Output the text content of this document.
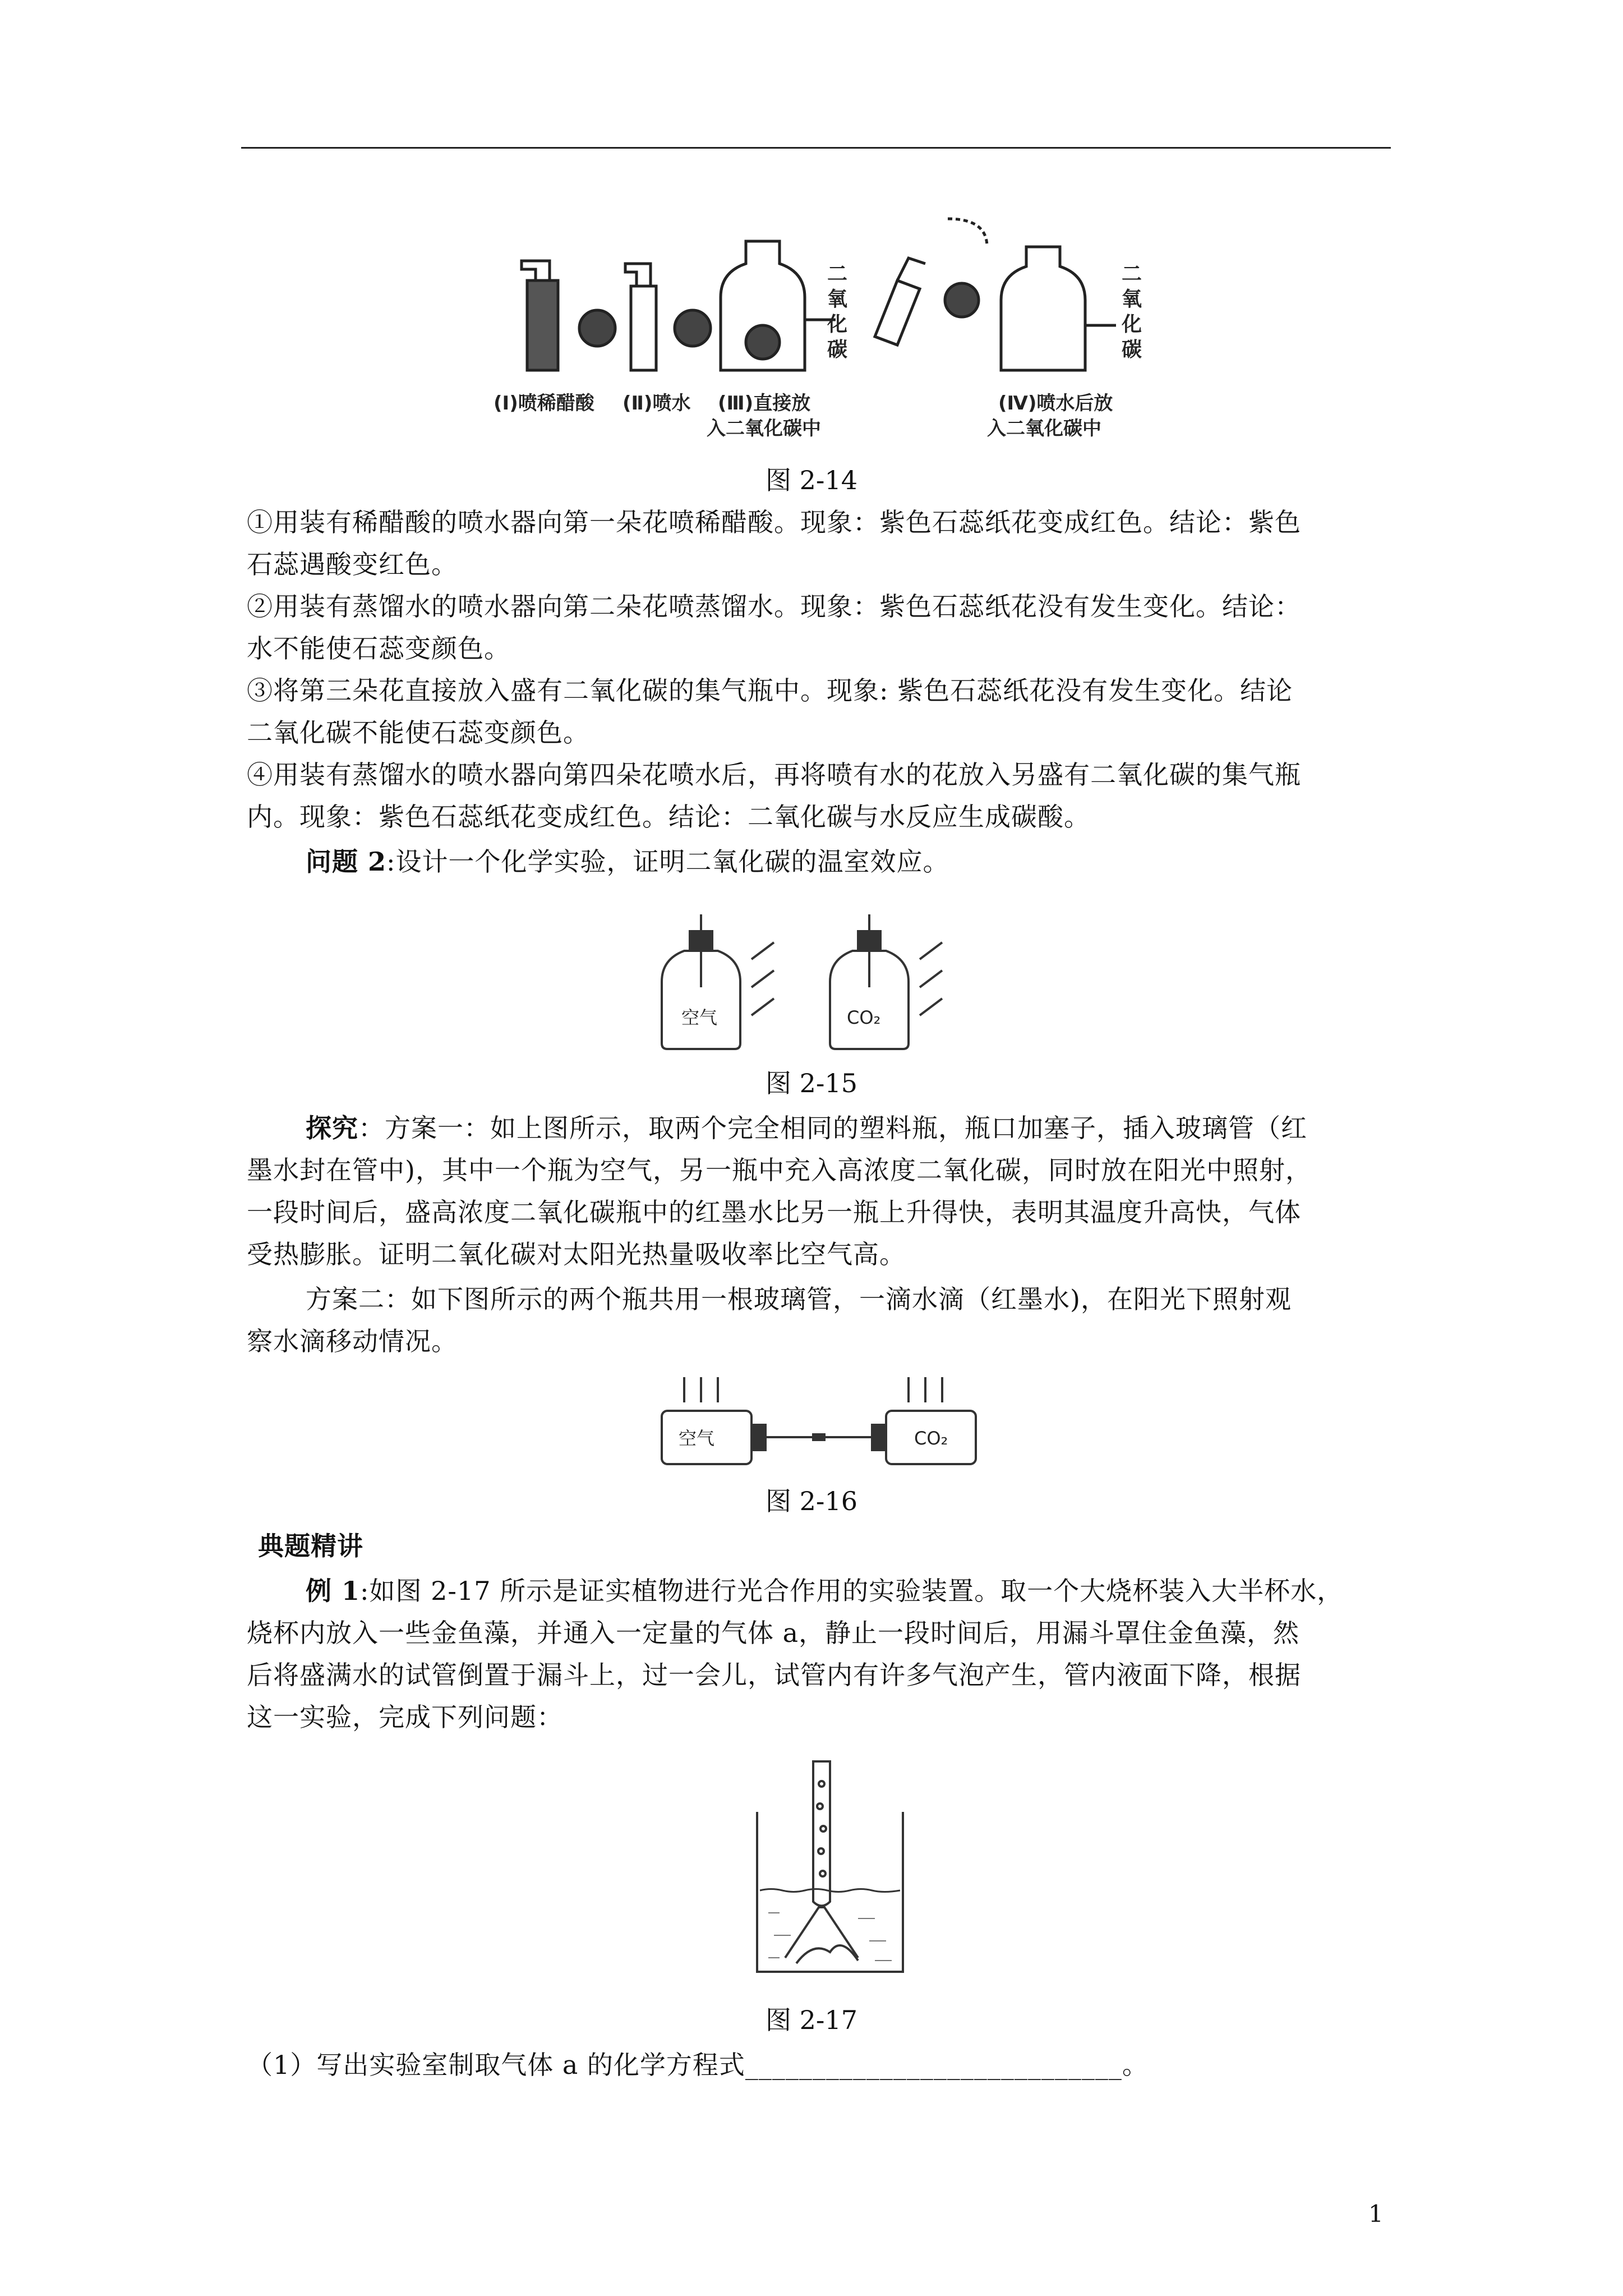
二
氧
化
碳
二
氧
化
碳
(Ⅰ)喷稀醋酸 (Ⅱ)喷水 (Ⅲ)直接放
入二氧化碳中
(Ⅳ)喷水后放
入二氧化碳中
图 2-14
①用装有稀醋酸的喷水器向第一朵花喷稀醋酸。现象：紫色石蕊纸花变成红色。结论：紫色
石蕊遇酸变红色。
②用装有蒸馏水的喷水器向第二朵花喷蒸馏水。现象：紫色石蕊纸花没有发生变化。结论：
水不能使石蕊变颜色。
③将第三朵花直接放入盛有二氧化碳的集气瓶中。现象: 紫色石蕊纸花没有发生变化。结论
二氧化碳不能使石蕊变颜色。
④用装有蒸馏水的喷水器向第四朵花喷水后，再将喷有水的花放入另盛有二氧化碳的集气瓶
内。现象：紫色石蕊纸花变成红色。结论：二氧化碳与水反应生成碳酸。
问题 2:设计一个化学实验，证明二氧化碳的温室效应。
空气	CO₂
图 2-15
探究：方案一：如上图所示，取两个完全相同的塑料瓶，瓶口加塞子，插入玻璃管（红
墨水封在管中)，其中一个瓶为空气，另一瓶中充入高浓度二氧化碳，同时放在阳光中照射，
一段时间后，盛高浓度二氧化碳瓶中的红墨水比另一瓶上升得快，表明其温度升高快，气体
受热膨胀。证明二氧化碳对太阳光热量吸收率比空气高。
方案二：如下图所示的两个瓶共用一根玻璃管，一滴水滴（红墨水)，在阳光下照射观
察水滴移动情况。
空气	CO₂
图 2-16
典题精讲
例 1:如图 2-17 所示是证实植物进行光合作用的实验装置。取一个大烧杯装入大半杯水，
烧杯内放入一些金鱼藻，并通入一定量的气体 a，静止一段时间后，用漏斗罩住金鱼藻，然
后将盛满水的试管倒置于漏斗上，过一会儿，试管内有许多气泡产生，管内液面下降，根据
这一实验，完成下列问题：
图 2-17
（1）写出实验室制取气体 a 的化学方程式____________________________。
1
